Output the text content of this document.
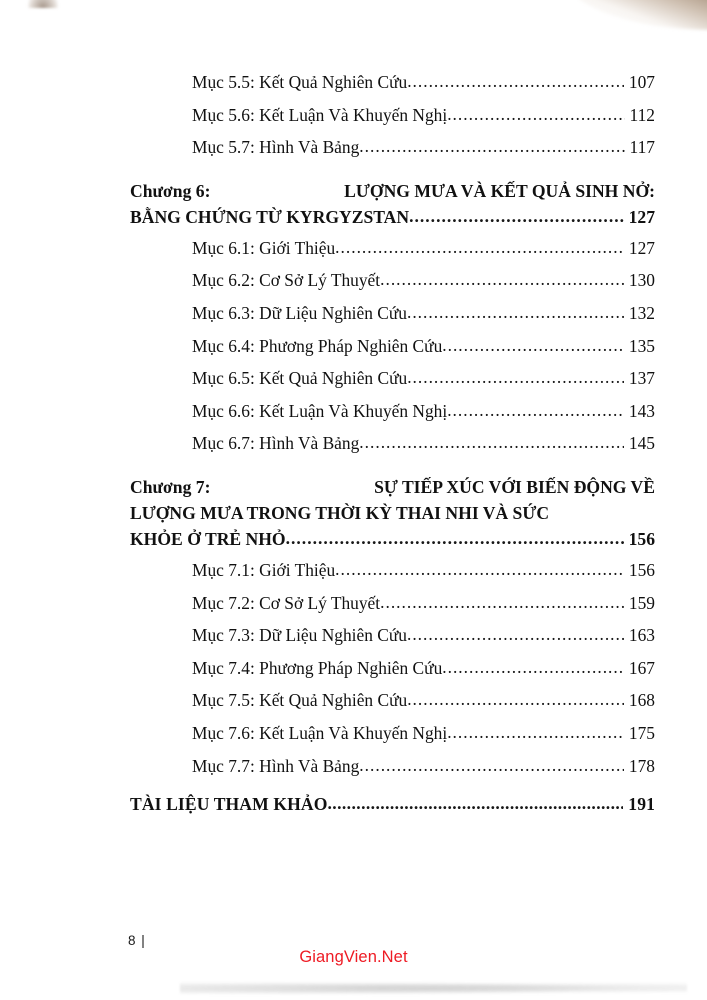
Mục 5.5: Kết Quả Nghiên Cứu .....	107
Mục 5.6: Kết Luận Và Khuyến Nghị .....	112
Mục 5.7: Hình Và Bảng .....	117
Chương 6:	LƯỢNG MƯA VÀ KẾT QUẢ SINH NỞ:
BẰNG CHỨNG TỪ KYRGYZSTAN .....	127
Mục 6.1: Giới Thiệu .....	127
Mục 6.2: Cơ Sở Lý Thuyết .....	130
Mục 6.3: Dữ Liệu Nghiên Cứu .....	132
Mục 6.4: Phương Pháp Nghiên Cứu .....	135
Mục 6.5: Kết Quả Nghiên Cứu .....	137
Mục 6.6: Kết Luận Và Khuyến Nghị .....	143
Mục 6.7: Hình Và Bảng .....	145
Chương 7:	SỰ TIẾP XÚC VỚI BIẾN ĐỘNG VỀ
LƯỢNG MƯA TRONG THỜI KỲ THAI NHI VÀ SỨC
KHỎE Ở TRẺ NHỎ .....	156
Mục 7.1: Giới Thiệu .....	156
Mục 7.2: Cơ Sở Lý Thuyết .....	159
Mục 7.3: Dữ Liệu Nghiên Cứu .....	163
Mục 7.4: Phương Pháp Nghiên Cứu .....	167
Mục 7.5: Kết Quả Nghiên Cứu .....	168
Mục 7.6: Kết Luận Và Khuyến Nghị .....	175
Mục 7.7: Hình Và Bảng .....	178
TÀI LIỆU THAM KHẢO .....	191
8 |
GiangVien.Net
